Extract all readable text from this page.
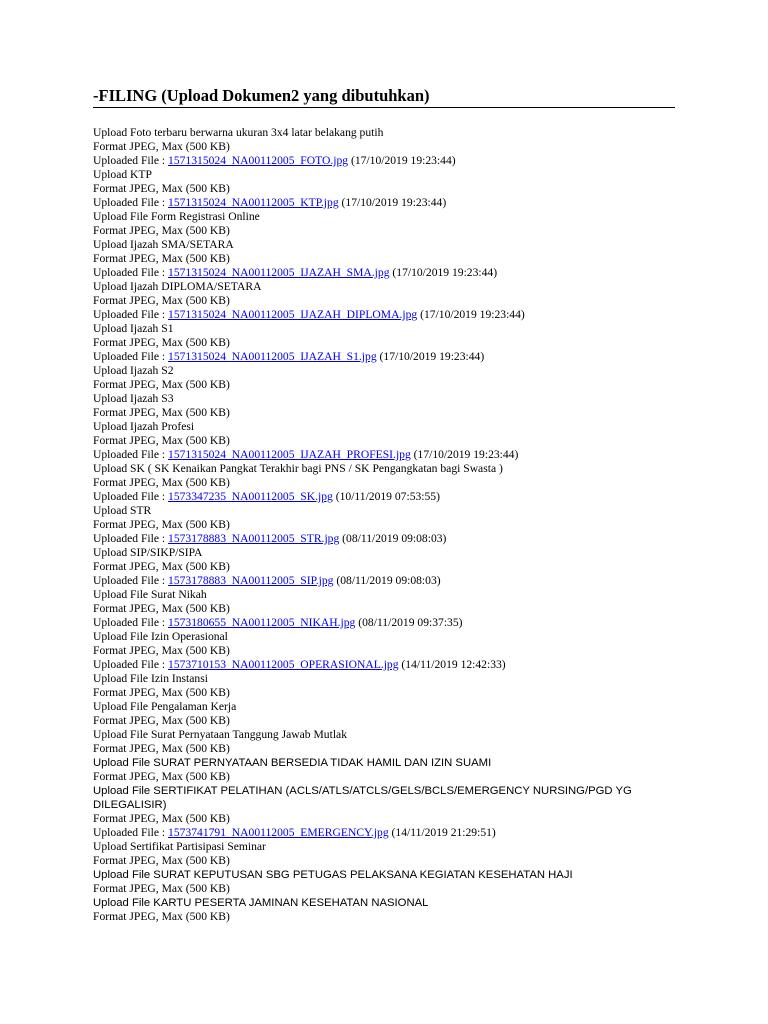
-FILING (Upload Dokumen2 yang dibutuhkan)
Upload Foto terbaru berwarna ukuran 3x4 latar belakang putih
Format JPEG, Max (500 KB)
Uploaded File : 1571315024_NA00112005_FOTO.jpg (17/10/2019 19:23:44)
Upload KTP
Format JPEG, Max (500 KB)
Uploaded File : 1571315024_NA00112005_KTP.jpg (17/10/2019 19:23:44)
Upload File Form Registrasi Online
Format JPEG, Max (500 KB)
Upload Ijazah SMA/SETARA
Format JPEG, Max (500 KB)
Uploaded File : 1571315024_NA00112005_IJAZAH_SMA.jpg (17/10/2019 19:23:44)
Upload Ijazah DIPLOMA/SETARA
Format JPEG, Max (500 KB)
Uploaded File : 1571315024_NA00112005_IJAZAH_DIPLOMA.jpg (17/10/2019 19:23:44)
Upload Ijazah S1
Format JPEG, Max (500 KB)
Uploaded File : 1571315024_NA00112005_IJAZAH_S1.jpg (17/10/2019 19:23:44)
Upload Ijazah S2
Format JPEG, Max (500 KB)
Upload Ijazah S3
Format JPEG, Max (500 KB)
Upload Ijazah Profesi
Format JPEG, Max (500 KB)
Uploaded File : 1571315024_NA00112005_IJAZAH_PROFESI.jpg (17/10/2019 19:23:44)
Upload SK ( SK Kenaikan Pangkat Terakhir bagi PNS / SK Pengangkatan bagi Swasta )
Format JPEG, Max (500 KB)
Uploaded File : 1573347235_NA00112005_SK.jpg (10/11/2019 07:53:55)
Upload STR
Format JPEG, Max (500 KB)
Uploaded File : 1573178883_NA00112005_STR.jpg (08/11/2019 09:08:03)
Upload SIP/SIKP/SIPA
Format JPEG, Max (500 KB)
Uploaded File : 1573178883_NA00112005_SIP.jpg (08/11/2019 09:08:03)
Upload File Surat Nikah
Format JPEG, Max (500 KB)
Uploaded File : 1573180655_NA00112005_NIKAH.jpg (08/11/2019 09:37:35)
Upload File Izin Operasional
Format JPEG, Max (500 KB)
Uploaded File : 1573710153_NA00112005_OPERASIONAL.jpg (14/11/2019 12:42:33)
Upload File Izin Instansi
Format JPEG, Max (500 KB)
Upload File Pengalaman Kerja
Format JPEG, Max (500 KB)
Upload File Surat Pernyataan Tanggung Jawab Mutlak
Format JPEG, Max (500 KB)
Upload File SURAT PERNYATAAN BERSEDIA TIDAK HAMIL DAN IZIN SUAMI
Format JPEG, Max (500 KB)
Upload File SERTIFIKAT PELATIHAN (ACLS/ATLS/ATCLS/GELS/BCLS/EMERGENCY NURSING/PGD YG DILEGALISIR)
Format JPEG, Max (500 KB)
Uploaded File : 1573741791_NA00112005_EMERGENCY.jpg (14/11/2019 21:29:51)
Upload Sertifikat Partisipasi Seminar
Format JPEG, Max (500 KB)
Upload File SURAT KEPUTUSAN SBG PETUGAS PELAKSANA KEGIATAN KESEHATAN HAJI
Format JPEG, Max (500 KB)
Upload File KARTU PESERTA JAMINAN KESEHATAN NASIONAL
Format JPEG, Max (500 KB)
